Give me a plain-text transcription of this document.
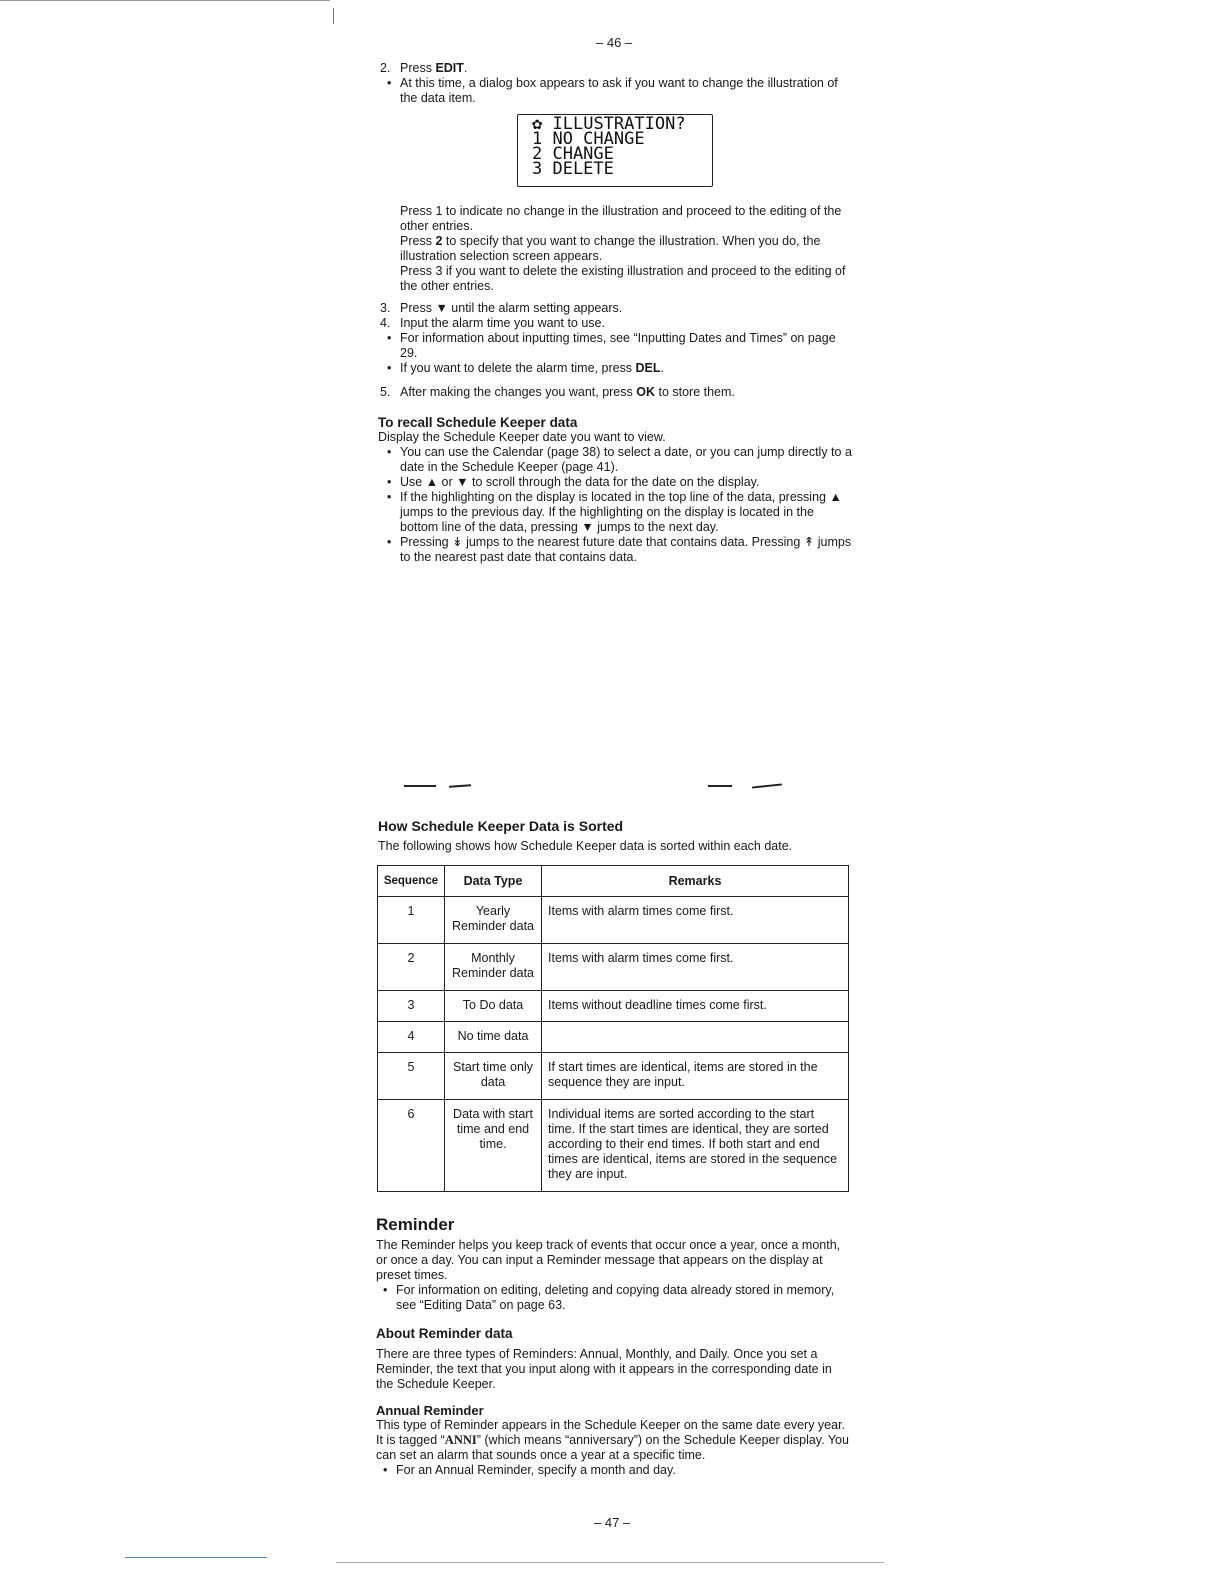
– 46 –
2. Press EDIT.
• At this time, a dialog box appears to ask if you want to change the illustration of the data item.
✿ ILLUSTRATION?
1 NO CHANGE
2 CHANGE
3 DELETE
Press 1 to indicate no change in the illustration and proceed to the editing of the other entries.
Press 2 to specify that you want to change the illustration. When you do, the illustration selection screen appears.
Press 3 if you want to delete the existing illustration and proceed to the editing of the other entries.
3. Press ▼ until the alarm setting appears.
4. Input the alarm time you want to use.
• For information about inputting times, see “Inputting Dates and Times” on page 29.
• If you want to delete the alarm time, press DEL.
5. After making the changes you want, press OK to store them.
To recall Schedule Keeper data
Display the Schedule Keeper date you want to view.
• You can use the Calendar (page 38) to select a date, or you can jump directly to a date in the Schedule Keeper (page 41).
• Use ▲ or ▼ to scroll through the data for the date on the display.
• If the highlighting on the display is located in the top line of the data, pressing ▲ jumps to the previous day. If the highlighting on the display is located in the bottom line of the data, pressing ▼ jumps to the next day.
• Pressing ↡ jumps to the nearest future date that contains data. Pressing ↟ jumps to the nearest past date that contains data.
How Schedule Keeper Data is Sorted
The following shows how Schedule Keeper data is sorted within each date.
Sequence	Data Type	Remarks
1	Yearly Reminder data	Items with alarm times come first.
2	Monthly Reminder data	Items with alarm times come first.
3	To Do data	Items without deadline times come first.
4	No time data	
5	Start time only data	If start times are identical, items are stored in the sequence they are input.
6	Data with start time and end time.	Individual items are sorted according to the start time. If the start times are identical, they are sorted according to their end times. If both start and end times are identical, items are stored in the sequence they are input.
Reminder
The Reminder helps you keep track of events that occur once a year, once a month, or once a day. You can input a Reminder message that appears on the display at preset times.
• For information on editing, deleting and copying data already stored in memory, see “Editing Data” on page 63.
About Reminder data
There are three types of Reminders: Annual, Monthly, and Daily. Once you set a Reminder, the text that you input along with it appears in the corresponding date in the Schedule Keeper.
Annual Reminder
This type of Reminder appears in the Schedule Keeper on the same date every year. It is tagged “ANNI” (which means “anniversary”) on the Schedule Keeper display. You can set an alarm that sounds once a year at a specific time.
• For an Annual Reminder, specify a month and day.
– 47 –
